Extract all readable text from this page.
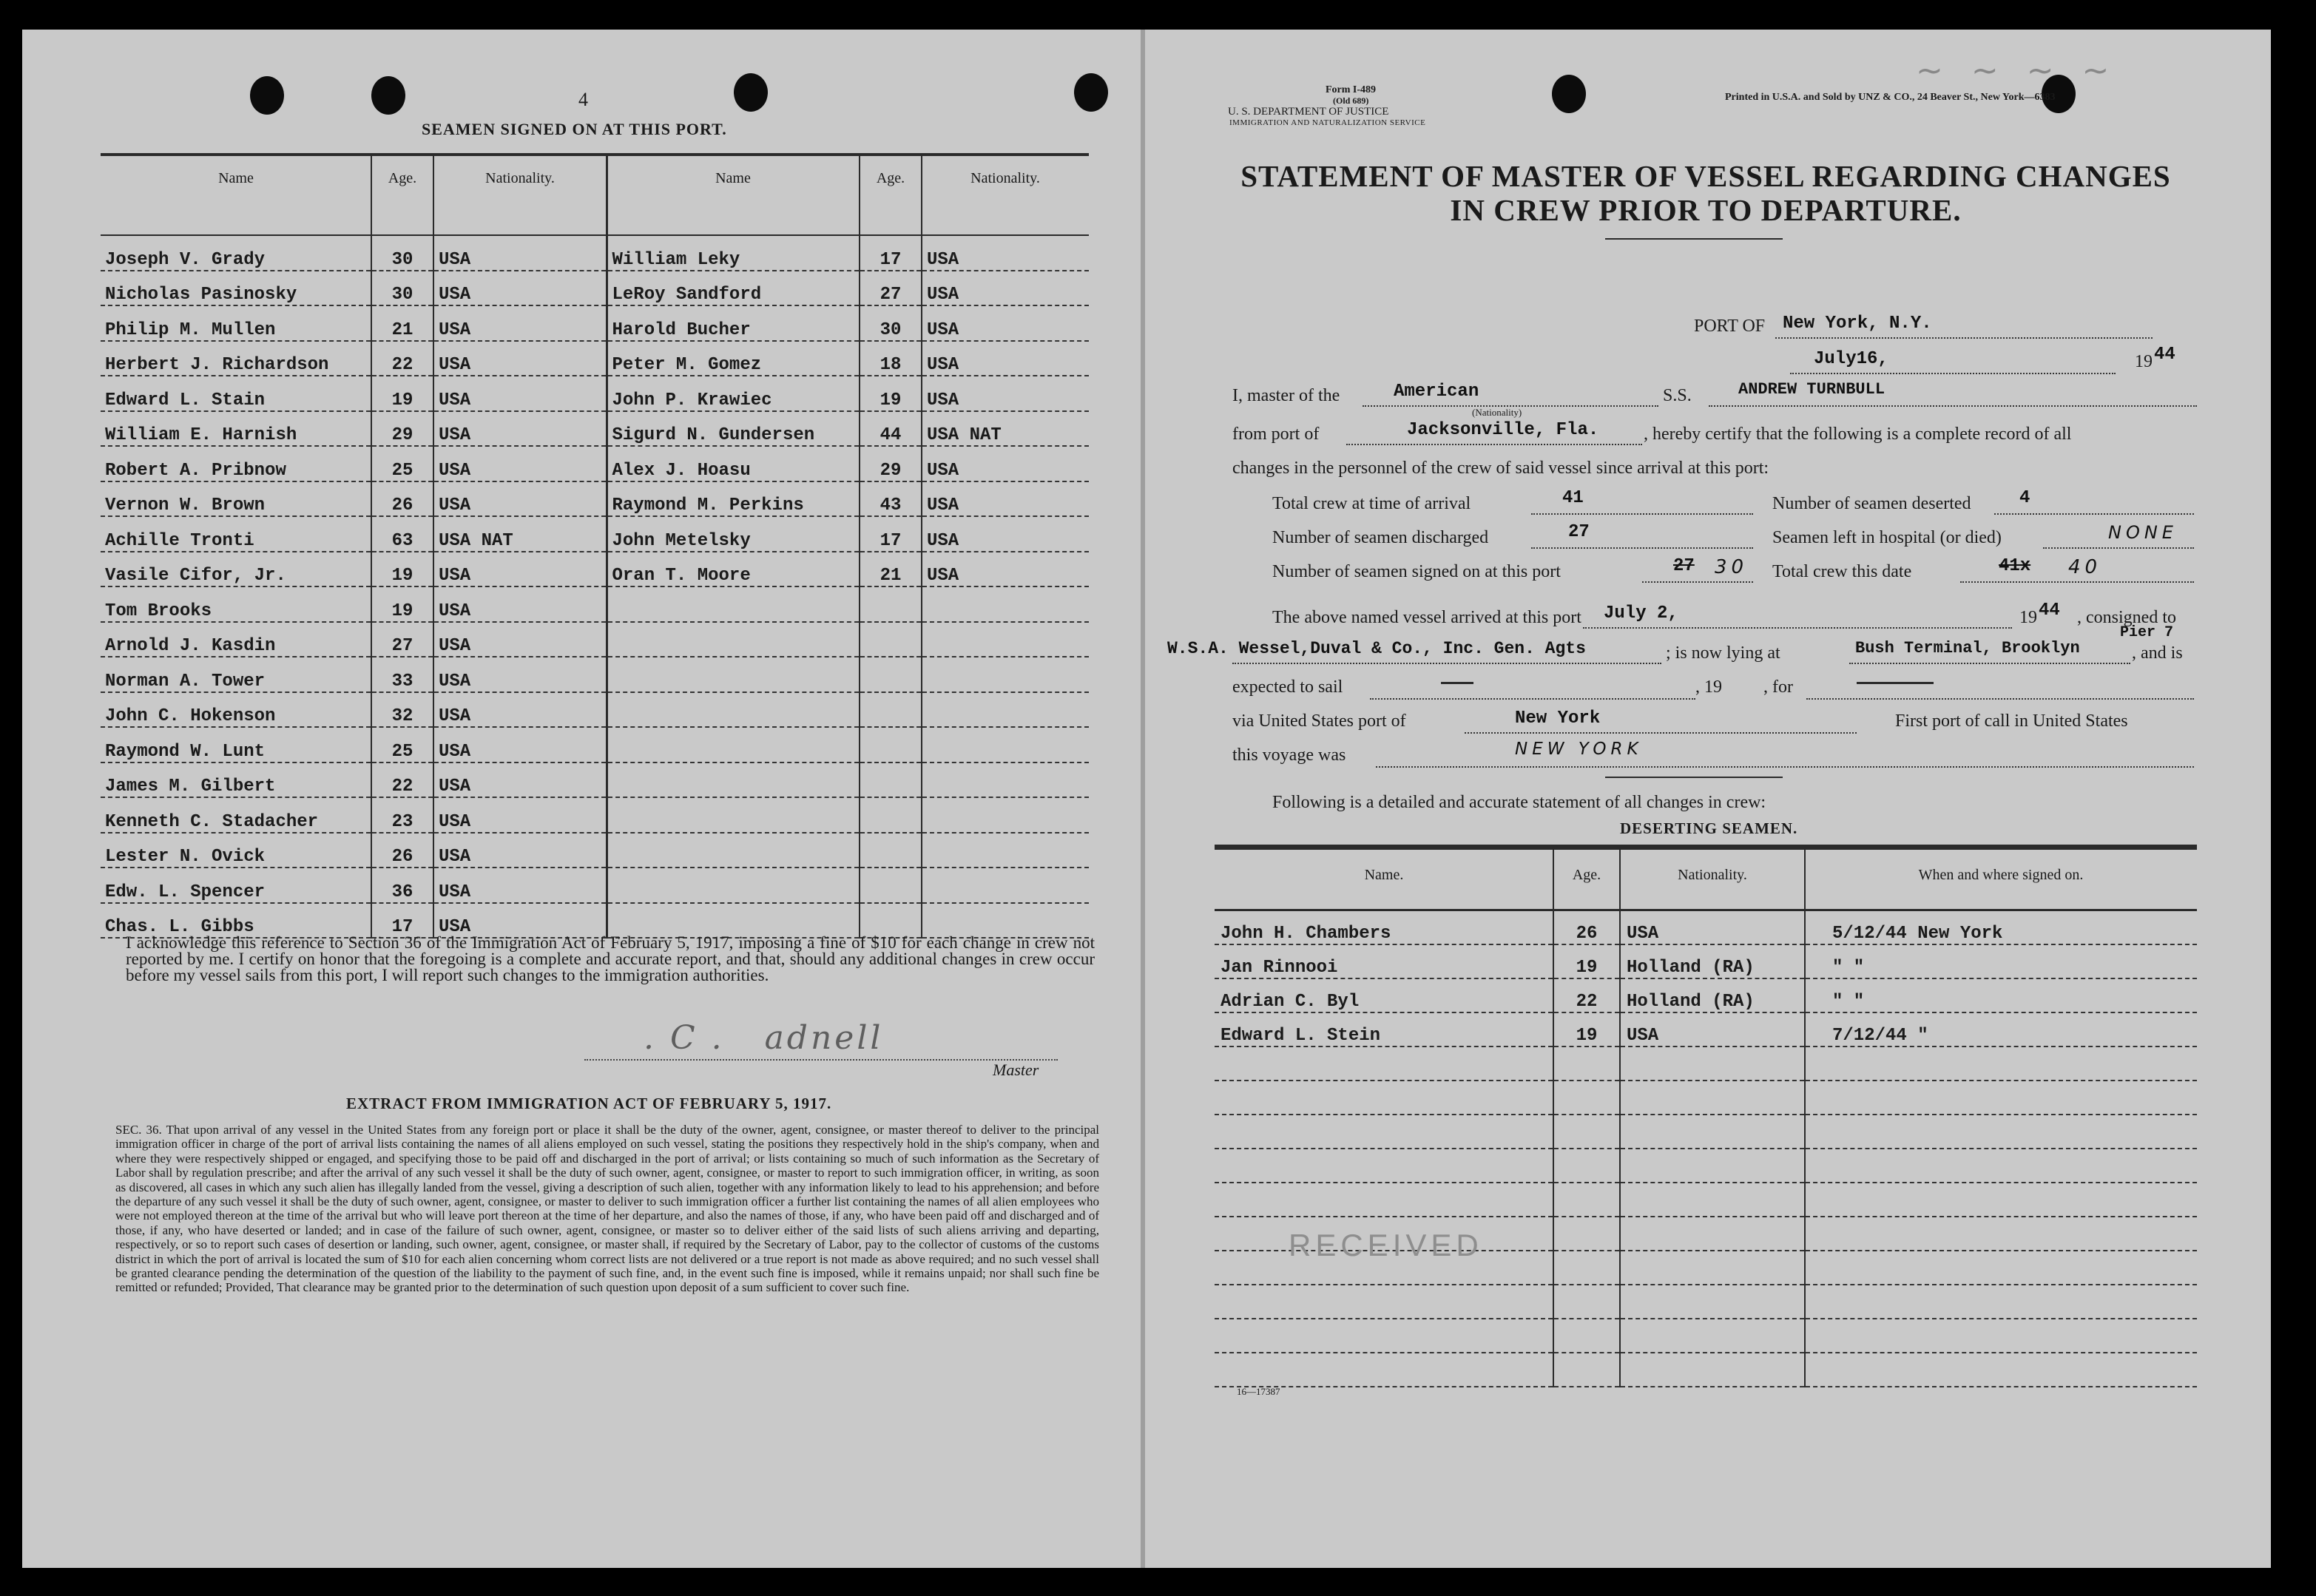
4
SEAMEN SIGNED ON AT THIS PORT.
Name	Age.	Nationality.	Name	Age.	Nationality.
Joseph V. Grady	30	USA	William Leky	17	USA
Nicholas Pasinosky	30	USA	LeRoy Sandford	27	USA
Philip M. Mullen	21	USA	Harold Bucher	30	USA
Herbert J. Richardson	22	USA	Peter M. Gomez	18	USA
Edward L. Stain	19	USA	John P. Krawiec	19	USA
William E. Harnish	29	USA	Sigurd N. Gundersen	44	USA NAT
Robert A. Pribnow	25	USA	Alex J. Hoasu	29	USA
Vernon W. Brown	26	USA	Raymond M. Perkins	43	USA
Achille Tronti	63	USA NAT	John Metelsky	17	USA
Vasile Cifor, Jr.	19	USA	Oran T. Moore	21	USA
Tom Brooks	19	USA			
Arnold J. Kasdin	27	USA			
Norman A. Tower	33	USA			
John C. Hokenson	32	USA			
Raymond W. Lunt	25	USA			
James M. Gilbert	22	USA			
Kenneth C. Stadacher	23	USA			
Lester N. Ovick	26	USA			
Edw. L. Spencer	36	USA			
Chas. L. Gibbs	17	USA			
I acknowledge this reference to Section 36 of the Immigration Act of February 5, 1917, imposing a fine of $10 for each change in crew not reported by me. I certify on honor that the foregoing is a complete and accurate report, and that, should any additional changes in crew occur before my vessel sails from this port, I will report such changes to the immigration authorities.
. C .   adnell
Master
EXTRACT FROM IMMIGRATION ACT OF FEBRUARY 5, 1917.
SEC. 36. That upon arrival of any vessel in the United States from any foreign port or place it shall be the duty of the owner, agent, consignee, or master thereof to deliver to the principal immigration officer in charge of the port of arrival lists containing the names of all aliens employed on such vessel, stating the positions they respectively hold in the ship's company, when and where they were respectively shipped or engaged, and specifying those to be paid off and discharged in the port of arrival; or lists containing so much of such information as the Secretary of Labor shall by regulation prescribe; and after the arrival of any such vessel it shall be the duty of such owner, agent, consignee, or master to report to such immigration officer, in writing, as soon as discovered, all cases in which any such alien has illegally landed from the vessel, giving a description of such alien, together with any information likely to lead to his apprehension; and before the departure of any such vessel it shall be the duty of such owner, agent, consignee, or master to deliver to such immigration officer a further list containing the names of all alien employees who were not employed thereon at the time of the arrival but who will leave port thereon at the time of her departure, and also the names of those, if any, who have been paid off and discharged and of those, if any, who have deserted or landed; and in case of the failure of such owner, agent, consignee, or master so to deliver either of the said lists of such aliens arriving and departing, respectively, or so to report such cases of desertion or landing, such owner, agent, consignee, or master shall, if required by the Secretary of Labor, pay to the collector of customs of the customs district in which the port of arrival is located the sum of $10 for each alien concerning whom correct lists are not delivered or a true report is not made as above required; and no such vessel shall be granted clearance pending the determination of the question of the liability to the payment of such fine, and, in the event such fine is imposed, while it remains unpaid; nor shall such fine be remitted or refunded; Provided, That clearance may be granted prior to the determination of such question upon deposit of a sum sufficient to cover such fine.
Form I-489
(Old 689)
U. S. DEPARTMENT OF JUSTICE
IMMIGRATION AND NATURALIZATION SERVICE
Printed in U.S.A. and Sold by UNZ & CO., 24 Beaver St., New York—6383
~ ~ ~ ~
STATEMENT OF MASTER OF VESSEL REGARDING CHANGES
IN CREW PRIOR TO DEPARTURE.
PORT OF New York, N.Y.
July16,	19 44
I, master of the	American
(Nationality)
S.S.	ANDREW TURNBULL
from port of	Jacksonville, Fla.	, hereby certify that the following is a complete record of all
changes in the personnel of the crew of said vessel since arrival at this port:
Total crew at time of arrival	41	Number of seamen deserted	4
Number of seamen discharged	27	Seamen left in hospital (or died)	NONE
Number of seamen signed on at this port	27 30 Total crew this date	41x 40
The above named vessel arrived at this port July 2,	19 44 , consigned to
W.S.A. Wessel,Duval & Co., Inc. Gen. Agts	; is now lying at
Pier 7
Bush Terminal, Brooklyn	, and is
expected to sail	, 19 , for
via United States port of	New York	First port of call in United States
this voyage was	NEW YORK
Following is a detailed and accurate statement of all changes in crew:
DESERTING SEAMEN.
Name.	Age.	Nationality.	When and where signed on.
John H. Chambers	26	USA	5/12/44 New York
Jan Rinnooi	19	Holland (RA)	" "
Adrian C. Byl	22	Holland (RA)	" "
Edward L. Stein	19	USA	7/12/44 "

RECEIVED
16—17387
